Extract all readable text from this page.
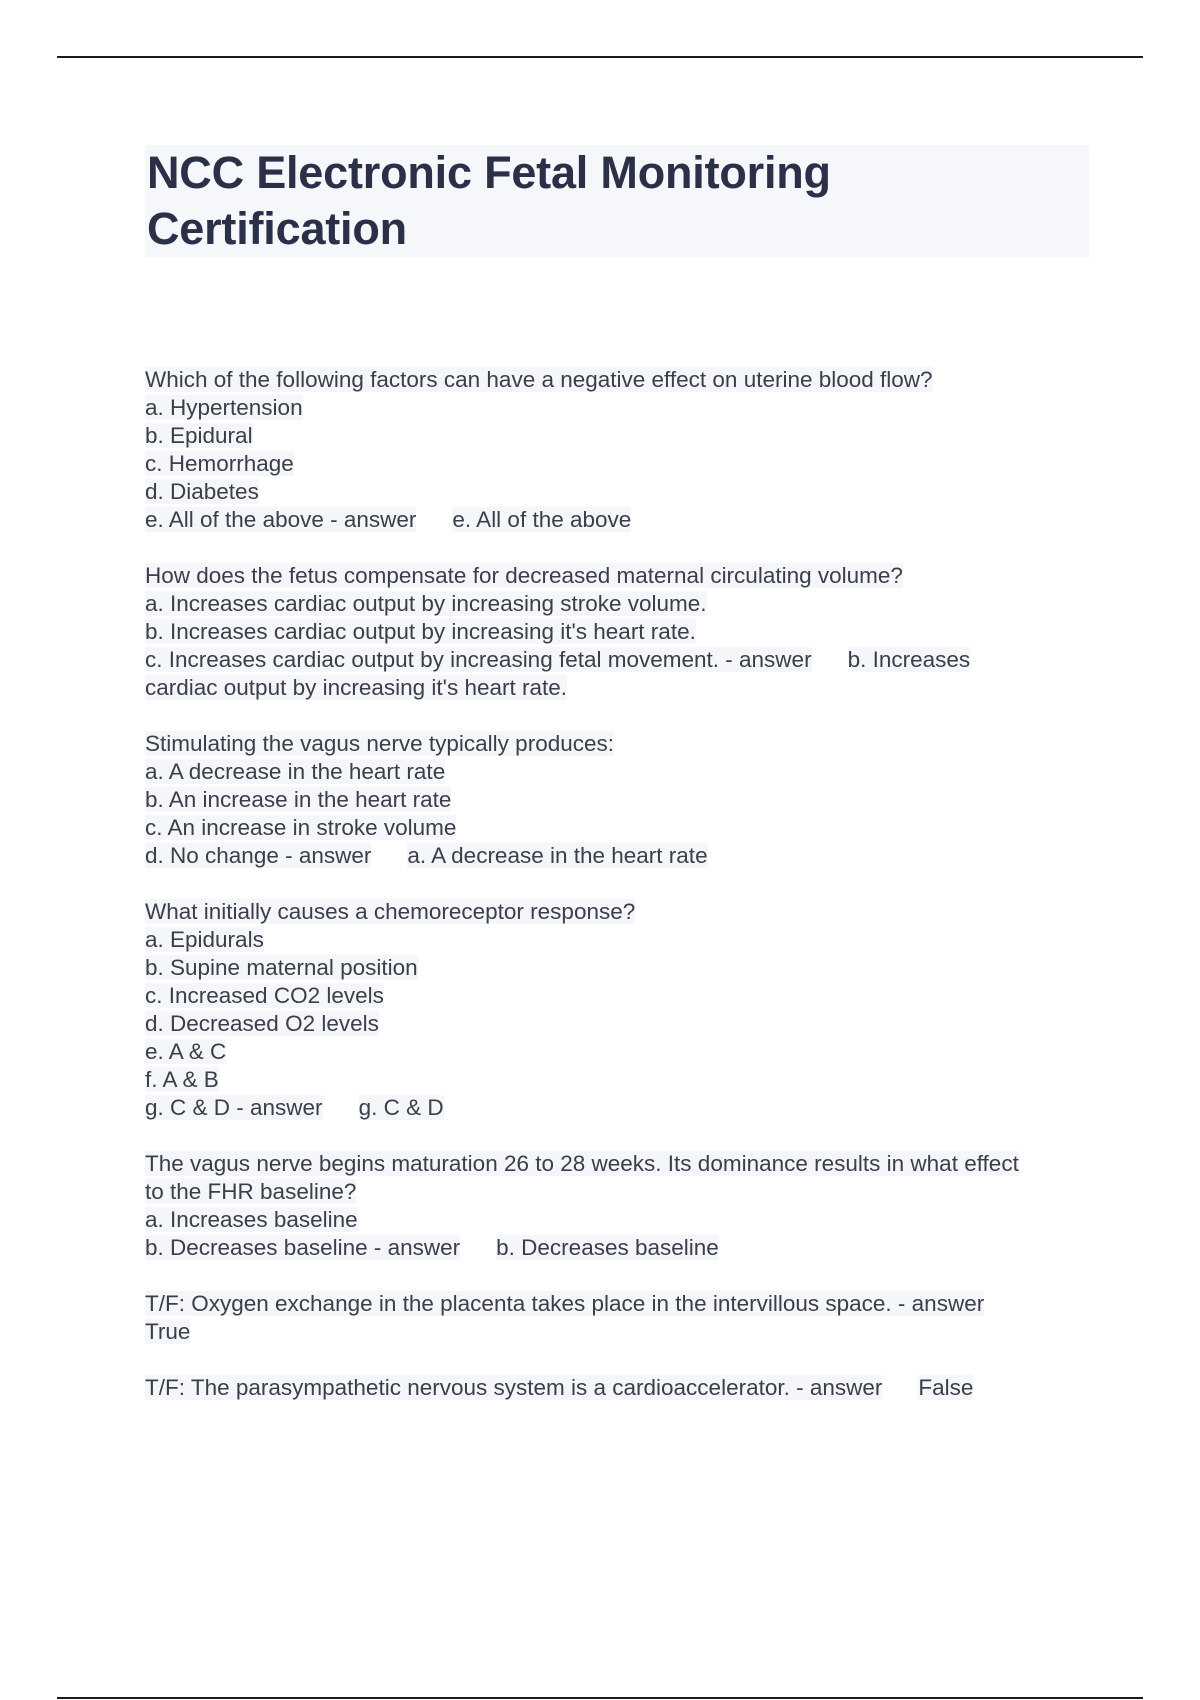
NCC Electronic Fetal Monitoring
Certification
Which of the following factors can have a negative effect on uterine blood flow?
a. Hypertension
b. Epidural
c. Hemorrhage
d. Diabetes
e. All of the above - answer e. All of the above
How does the fetus compensate for decreased maternal circulating volume?
a. Increases cardiac output by increasing stroke volume.
b. Increases cardiac output by increasing it's heart rate.
c. Increases cardiac output by increasing fetal movement. - answer b. Increases
cardiac output by increasing it's heart rate.
Stimulating the vagus nerve typically produces:
a. A decrease in the heart rate
b. An increase in the heart rate
c. An increase in stroke volume
d. No change - answer a. A decrease in the heart rate
What initially causes a chemoreceptor response?
a. Epidurals
b. Supine maternal position
c. Increased CO2 levels
d. Decreased O2 levels
e. A & C
f. A & B
g. C & D - answer g. C & D
The vagus nerve begins maturation 26 to 28 weeks. Its dominance results in what effect
to the FHR baseline?
a. Increases baseline
b. Decreases baseline - answer b. Decreases baseline
T/F: Oxygen exchange in the placenta takes place in the intervillous space. - answer
True
T/F: The parasympathetic nervous system is a cardioaccelerator. - answer False
